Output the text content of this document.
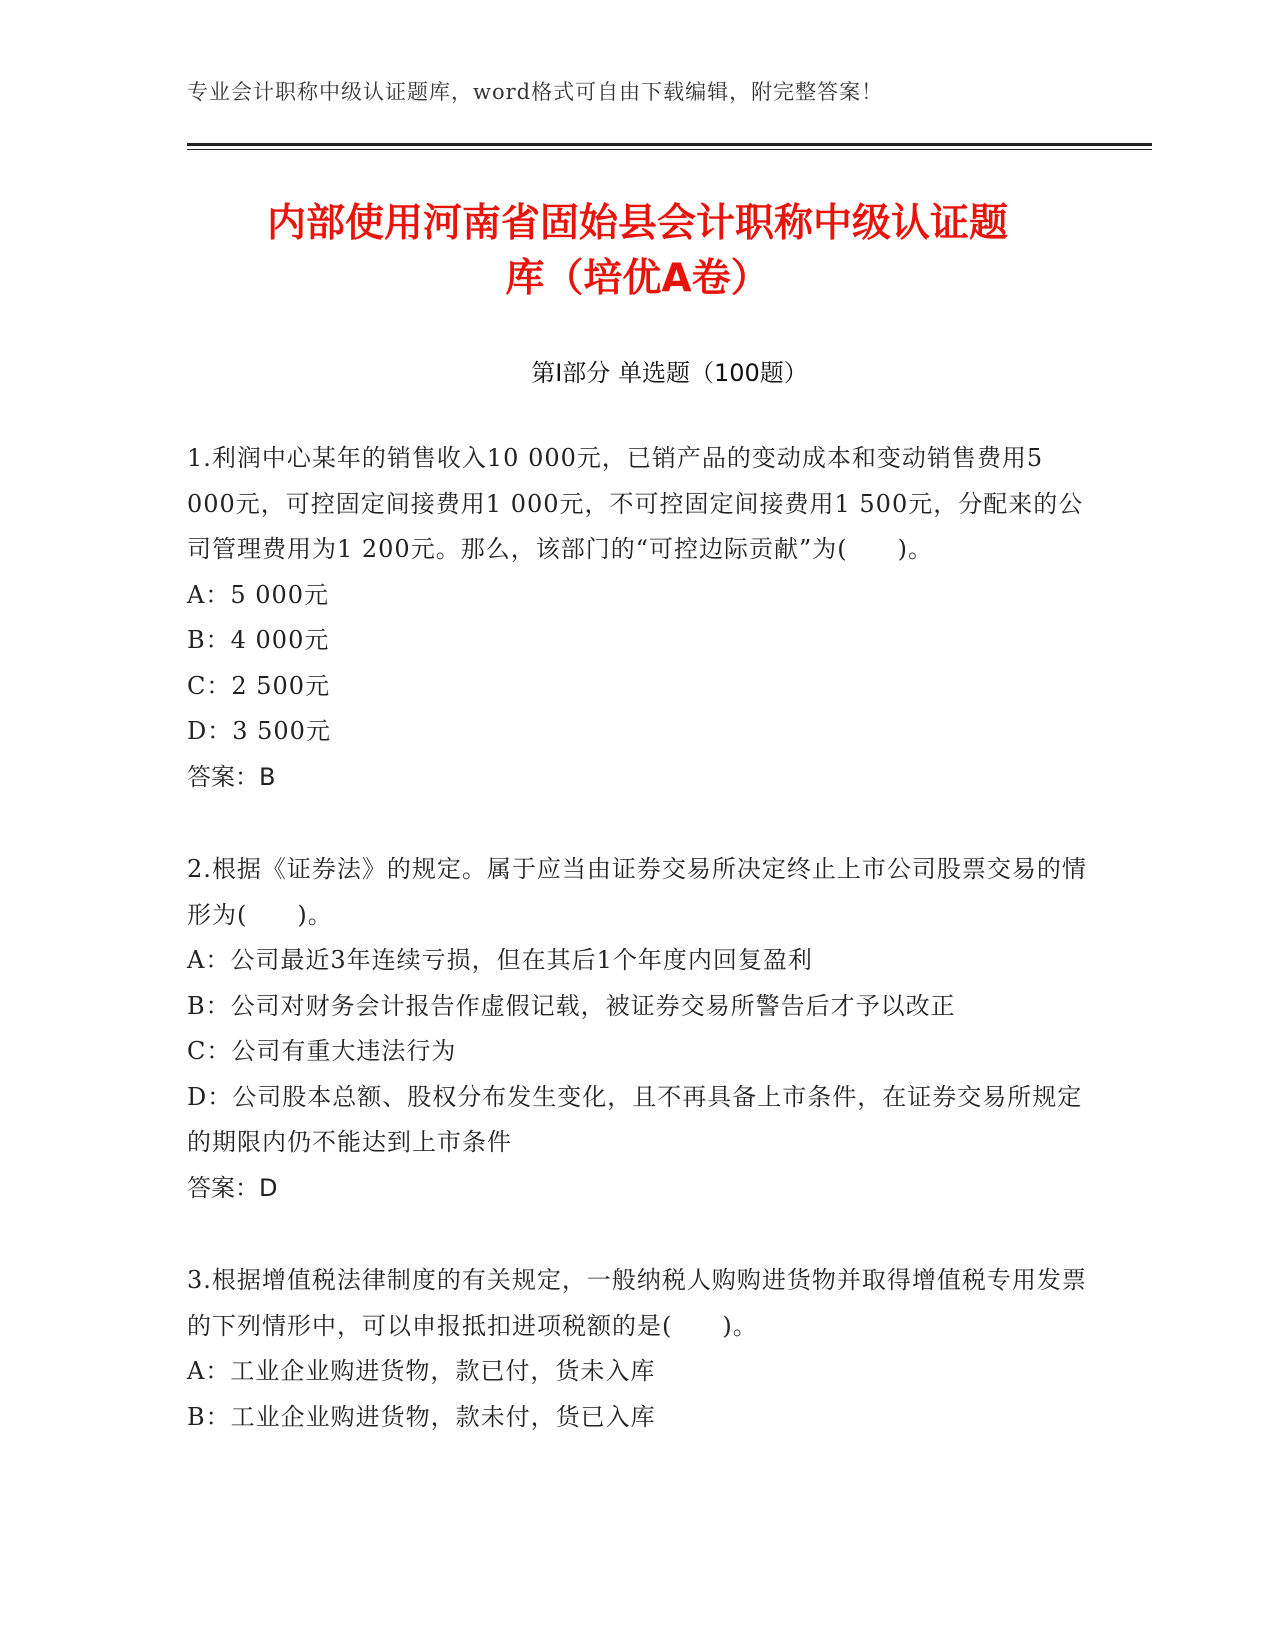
专业会计职称中级认证题库，word格式可自由下载编辑，附完整答案！
内部使用河南省固始县会计职称中级认证题
库（培优A卷）
第I部分 单选题（100题）

1.利润中心某年的销售收入10 000元，已销产品的变动成本和变动销售费用5 000元，可控固定间接费用1 000元，不可控固定间接费用1 500元，分配来的公司管理费用为1 200元。那么，该部门的“可控边际贡献”为(　　)。

A：5 000元

B：4 000元

C：2 500元

D：3 500元

答案：B

2.根据《证券法》的规定。属于应当由证券交易所决定终止上市公司股票交易的情形为(　　)。

A：公司最近3年连续亏损，但在其后1个年度内回复盈利

B：公司对财务会计报告作虚假记载，被证券交易所警告后才予以改正

C：公司有重大违法行为

D：公司股本总额、股权分布发生变化，且不再具备上市条件，在证券交易所规定的期限内仍不能达到上市条件

答案：D

3.根据增值税法律制度的有关规定，一般纳税人购购进货物并取得增值税专用发票的下列情形中，可以申报抵扣进项税额的是(　　)。

A：工业企业购进货物，款已付，货未入库

B：工业企业购进货物，款未付，货已入库
